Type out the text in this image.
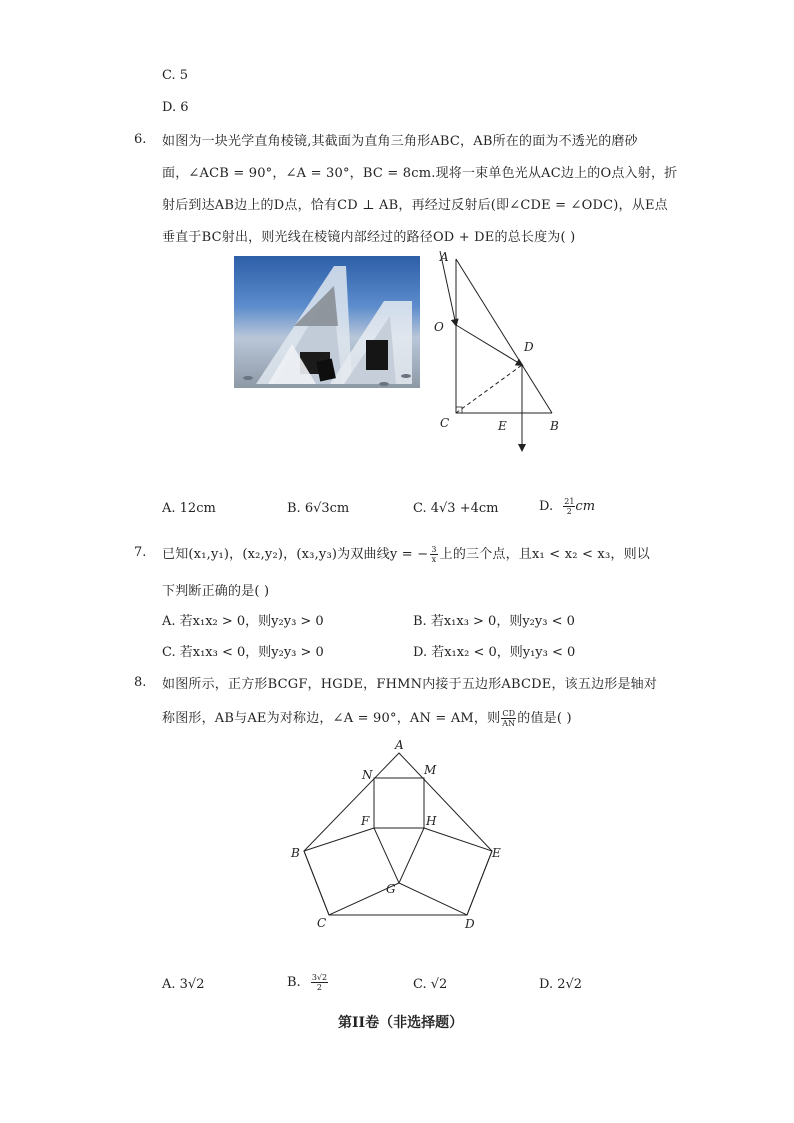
C. 5
D. 6
6. 如图为一块光学直角棱镜,其截面为直角三角形ABC，AB所在的面为不透光的磨砂
面，∠ACB = 90°，∠A = 30°，BC = 8cm.现将一束单色光从AC边上的O点入射，折
射后到达AB边上的D点，恰有CD ⊥ AB，再经过反射后(即∠CDE = ∠ODC)，从E点
垂直于BC射出，则光线在棱镜内部经过的路径OD + DE的总长度为( )
A
O
D
C	E	B
A. 12cm	B. 6√3cm	C. 4√3 +4cm	D. $\frac{21}{2}$ cm
7. 已知(x₁,y₁)，(x₂,y₂)，(x₃,y₃)为双曲线y = − $\frac{3}{x}$ 上的三个点，且x₁ < x₂ < x₃，则以
下判断正确的是( )
A. 若x₁x₂ > 0，则y₂y₃ > 0	B. 若x₁x₃ > 0，则y₂y₃ < 0
C. 若x₁x₃ < 0，则y₂y₃ > 0	D. 若x₁x₂ < 0，则y₁y₃ < 0
8. 如图所示，正方形BCGF，HGDE，FHMN内接于五边形ABCDE，该五边形是轴对
称图形，AB与AE为对称边，∠A = 90°，AN = AM，则 $\frac{CD}{AN}$ 的值是( )
A
N	M
F	H
B	E
G
C	D
A. 3√2	B. $\frac{3√2}{2}$	C. √2	D. 2√2
第II卷（非选择题）
